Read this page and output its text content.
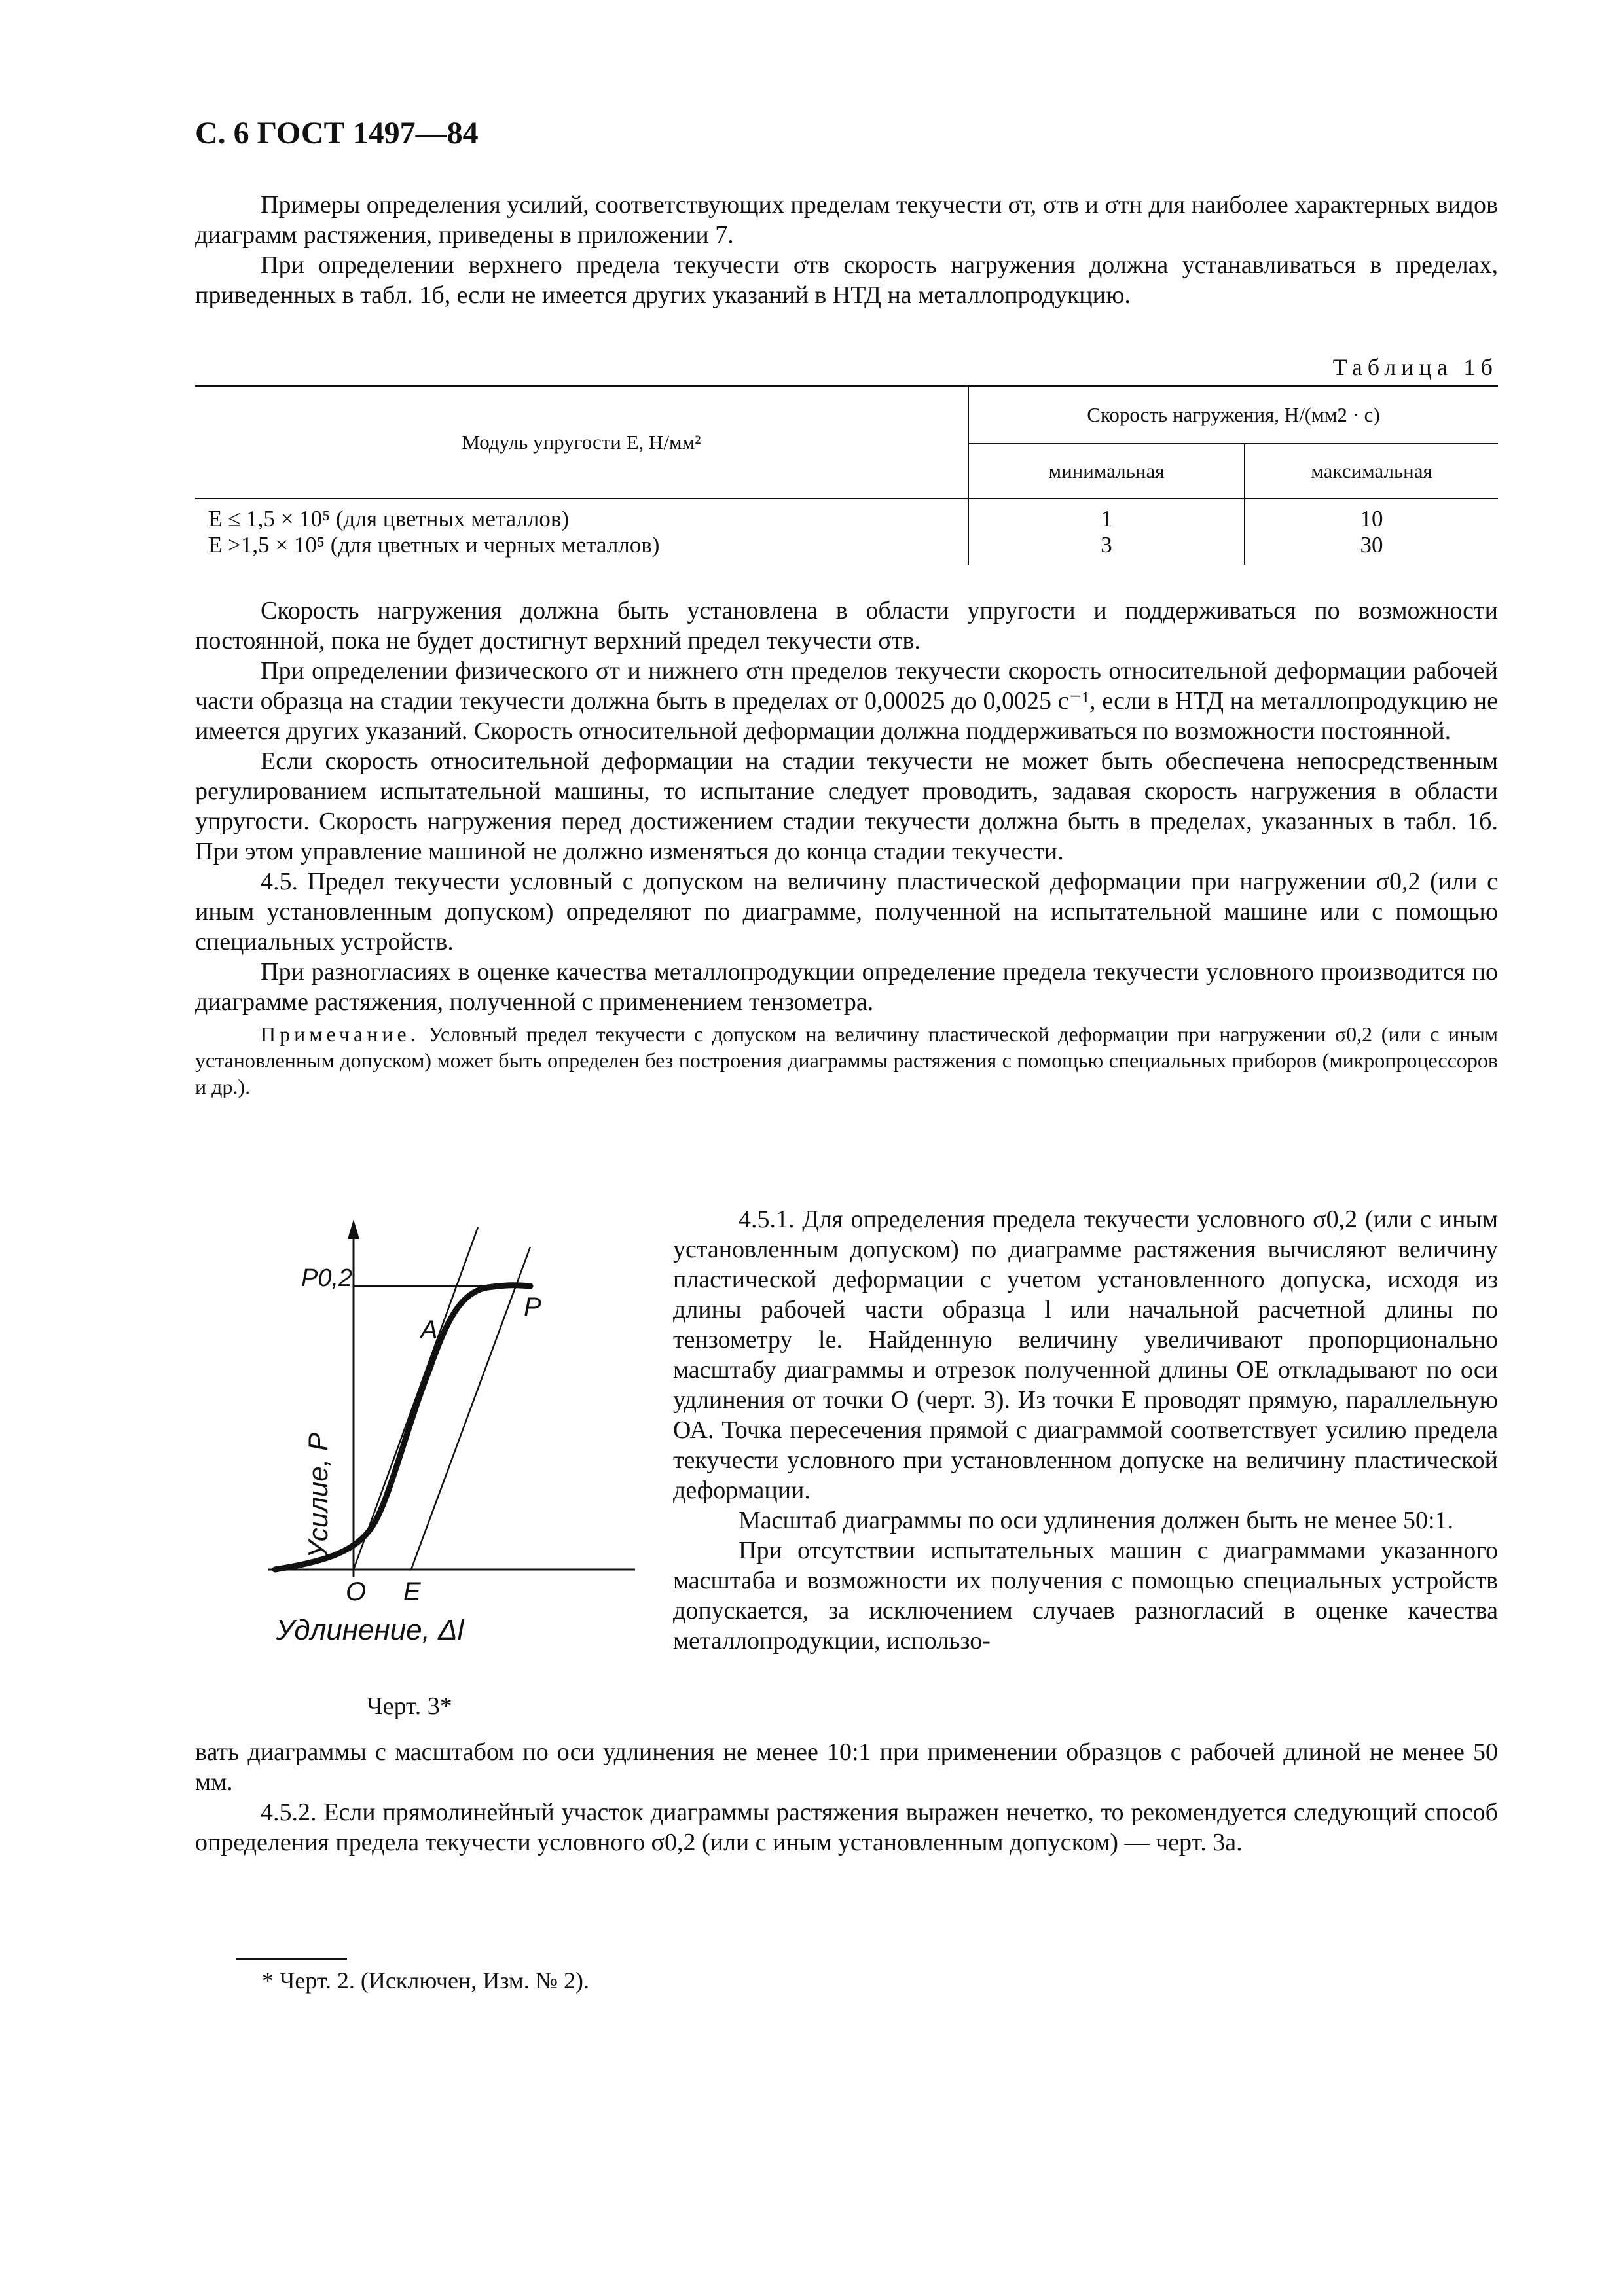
С. 6 ГОСТ 1497—84

Примеры определения усилий, соответствующих пределам текучести σт, σтв и σтн для наиболее характерных видов диаграмм растяжения, приведены в приложении 7.

При определении верхнего предела текучести σтв скорость нагружения должна устанавливаться в пределах, приведенных в табл. 1б, если не имеется других указаний в НТД на металлопродукцию.

Таблица 1б
Модуль упругости E, Н/мм²	Скорость нагружения, Н/(мм2 · с)	
	минимальная	максимальная
E ≤ 1,5 × 10⁵ (для цветных металлов)	1	10
E >1,5 × 10⁵ (для цветных и черных металлов)	3	30

Скорость нагружения должна быть установлена в области упругости и поддерживаться по возможности постоянной, пока не будет достигнут верхний предел текучести σтв.

При определении физического σт и нижнего σтн пределов текучести скорость относительной деформации рабочей части образца на стадии текучести должна быть в пределах от 0,00025 до 0,0025 с⁻¹, если в НТД на металлопродукцию не имеется других указаний. Скорость относительной деформации должна поддерживаться по возможности постоянной.

Если скорость относительной деформации на стадии текучести не может быть обеспечена непосредственным регулированием испытательной машины, то испытание следует проводить, задавая скорость нагружения в области упругости. Скорость нагружения перед достижением стадии текучести должна быть в пределах, указанных в табл. 1б. При этом управление машиной не должно изменяться до конца стадии текучести.

4.5. Предел текучести условный с допуском на величину пластической деформации при нагружении σ0,2 (или с иным установленным допуском) определяют по диаграмме, полученной на испытательной машине или с помощью специальных устройств.

При разногласиях в оценке качества металлопродукции определение предела текучести условного производится по диаграмме растяжения, полученной с применением тензометра.

Примечание. Условный предел текучести с допуском на величину пластической деформации при нагружении σ0,2 (или с иным установленным допуском) может быть определен без построения диаграммы растяжения с помощью специальных приборов (микропроцессоров и др.).

4.5.1. Для определения предела текучести условного σ0,2 (или с иным установленным допуском) по диаграмме растяжения вычисляют величину пластической деформации с учетом установленного допуска, исходя из длины рабочей части образца l или начальной расчетной длины по тензометру lе. Найденную величину увеличивают пропорционально масштабу диаграммы и отрезок полученной длины ОЕ откладывают по оси удлинения от точки О (черт. 3). Из точки Е проводят прямую, параллельную ОА. Точка пересечения прямой с диаграммой соответствует усилию предела текучести условного при установленном допуске на величину пластической деформации.

Масштаб диаграммы по оси удлинения должен быть не менее 50:1.

При отсутствии испытательных машин с диаграммами указанного масштаба и возможности их получения с помощью специальных устройств допускается, за исключением случаев разногласий в оценке качества металлопродукции, использо-

вать диаграммы с масштабом по оси удлинения не менее 10:1 при применении образцов с рабочей длиной не менее 50 мм.

4.5.2. Если прямолинейный участок диаграммы растяжения выражен нечетко, то рекомендуется следующий способ определения предела текучести условного σ0,2 (или с иным установленным допуском) — черт. 3а.

P0,2
A
P
O E
Усилие, P
Удлинение, Δl
Черт. 3*
* Черт. 2. (Исключен, Изм. № 2).
